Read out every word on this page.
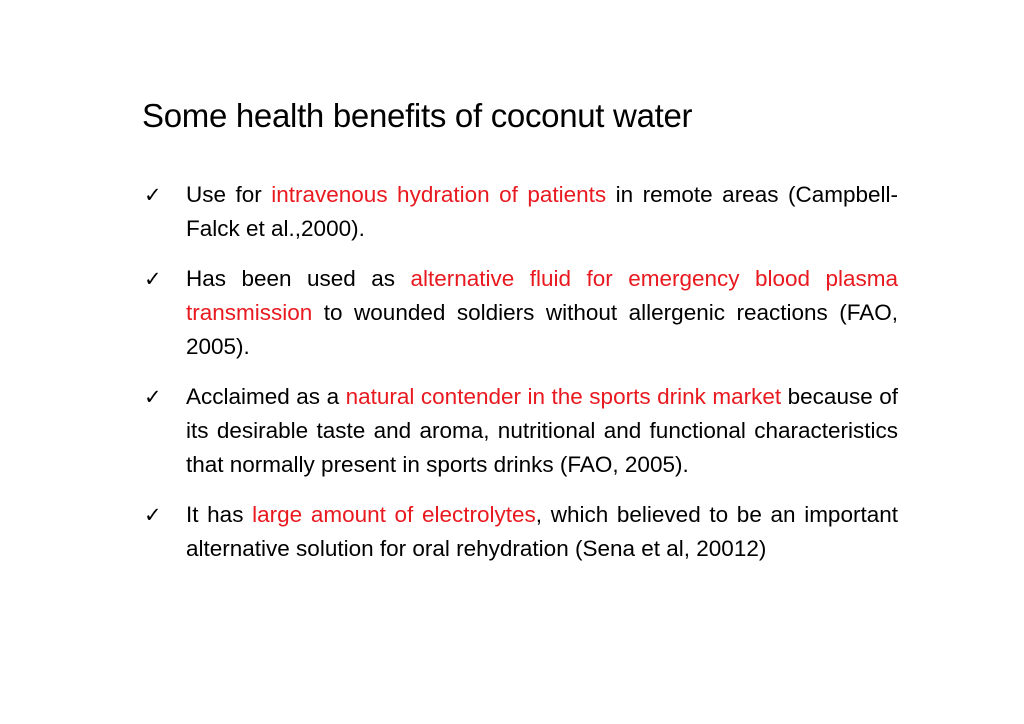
Some health benefits of coconut water
✓ Use for intravenous hydration of patients in remote areas (Campbell-Falck et al.,2000).
✓ Has been used as alternative fluid for emergency blood plasma transmission to wounded soldiers without allergenic reactions (FAO, 2005).
✓ Acclaimed as a natural contender in the sports drink market because of its desirable taste and aroma, nutritional and functional characteristics that normally present in sports drinks (FAO, 2005).
✓ It has large amount of electrolytes, which believed to be an important alternative solution for oral rehydration (Sena et al, 20012)
